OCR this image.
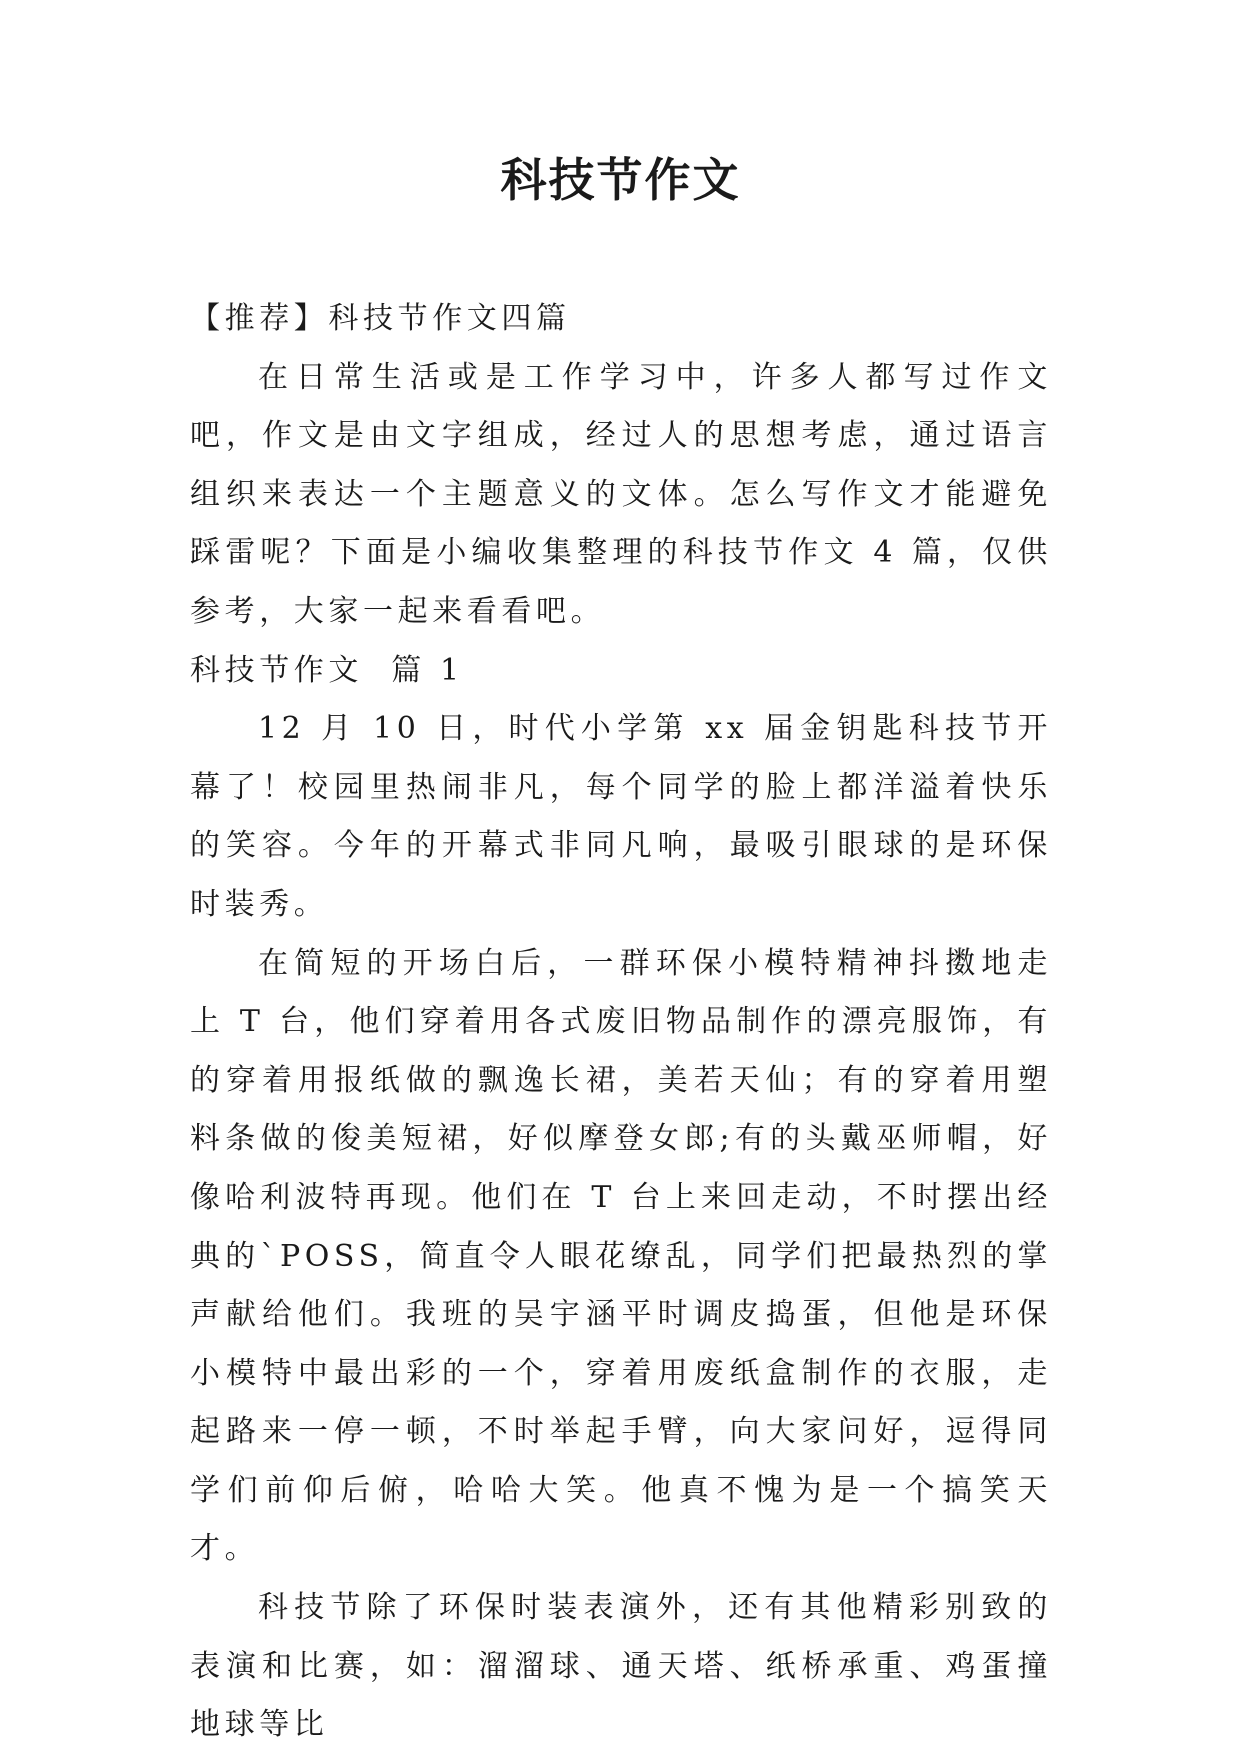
科技节作文

【推荐】科技节作文四篇

在日常生活或是工作学习中，许多人都写过作文吧，作文是由文字组成，经过人的思想考虑，通过语言组织来表达一个主题意义的文体。怎么写作文才能避免踩雷呢？下面是小编收集整理的科技节作文 4 篇，仅供参考，大家一起来看看吧。

科技节作文  篇 1

12 月 10 日，时代小学第 xx 届金钥匙科技节开幕了！校园里热闹非凡，每个同学的脸上都洋溢着快乐的笑容。今年的开幕式非同凡响，最吸引眼球的是环保时装秀。

在简短的开场白后，一群环保小模特精神抖擞地走上 T 台，他们穿着用各式废旧物品制作的漂亮服饰，有的穿着用报纸做的飘逸长裙，美若天仙；有的穿着用塑料条做的俊美短裙，好似摩登女郎;有的头戴巫师帽，好像哈利波特再现。他们在 T 台上来回走动，不时摆出经典的`POSS，简直令人眼花缭乱，同学们把最热烈的掌声献给他们。我班的吴宇涵平时调皮捣蛋，但他是环保小模特中最出彩的一个，穿着用废纸盒制作的衣服，走起路来一停一顿，不时举起手臂，向大家问好，逗得同学们前仰后俯，哈哈大笑。他真不愧为是一个搞笑天才。

科技节除了环保时装表演外，还有其他精彩别致的表演和比赛，如：溜溜球、通天塔、纸桥承重、鸡蛋撞地球等比
